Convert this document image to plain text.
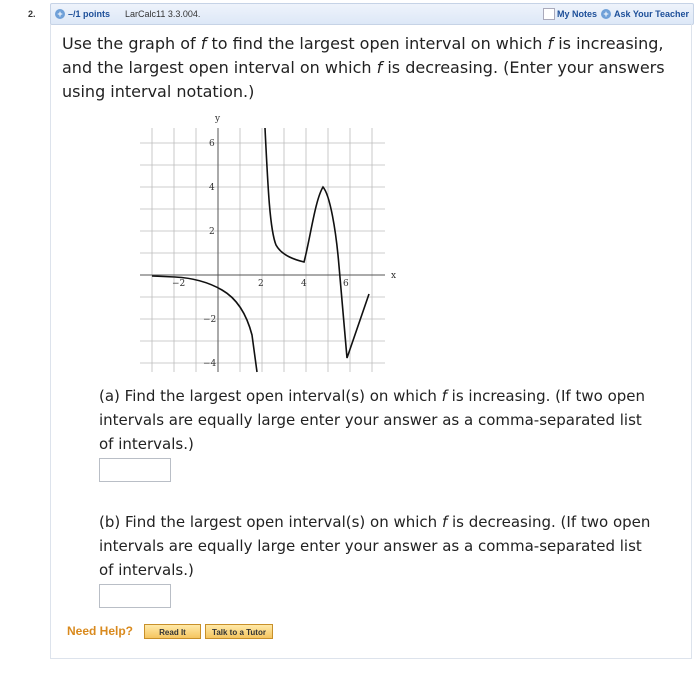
2. + –/1 points LarCalc11 3.3.004.	My Notes + Ask Your Teacher
Use the graph of f to find the largest open interval on which f is increasing, and the largest open interval on which f is decreasing. (Enter your answers using interval notation.)
y
x
−2	2	4	6
6
4
2
−2
−4
(a) Find the largest open interval(s) on which f is increasing. (If two open intervals are equally large enter your answer as a comma-separated list of intervals.)
(b) Find the largest open interval(s) on which f is decreasing. (If two open intervals are equally large enter your answer as a comma-separated list of intervals.)
Need Help?	Read It	Talk to a Tutor
